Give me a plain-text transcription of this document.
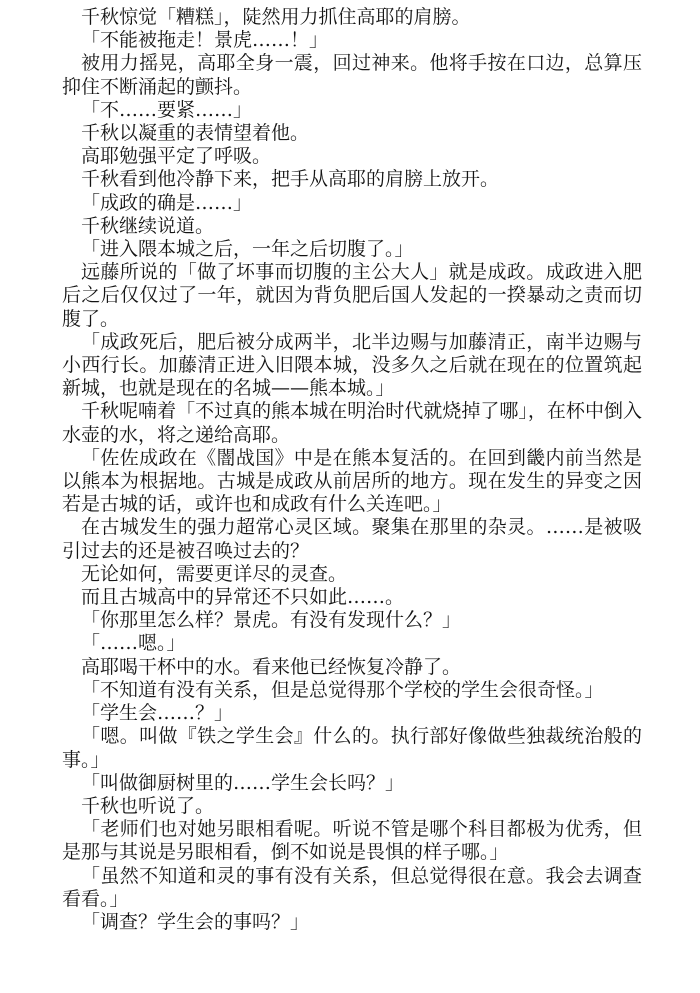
千秋惊觉「糟糕」，陡然用力抓住高耶的肩膀。

「不能被拖走！景虎……！」

被用力摇晃，高耶全身一震，回过神来。他将手按在口边，总算压抑住不断涌起的颤抖。

「不……要紧……」

千秋以凝重的表情望着他。

高耶勉强平定了呼吸。

千秋看到他冷静下来，把手从高耶的肩膀上放开。

「成政的确是……」

千秋继续说道。

「进入隈本城之后，一年之后切腹了。」

远藤所说的「做了坏事而切腹的主公大人」就是成政。成政进入肥后之后仅仅过了一年，就因为背负肥后国人发起的一揆暴动之责而切腹了。

「成政死后，肥后被分成两半，北半边赐与加藤清正，南半边赐与小西行长。加藤清正进入旧隈本城，没多久之后就在现在的位置筑起新城，也就是现在的名城——熊本城。」

千秋呢喃着「不过真的熊本城在明治时代就烧掉了哪」，在杯中倒入水壶的水，将之递给高耶。

「佐佐成政在《闇战国》中是在熊本复活的。在回到畿内前当然是以熊本为根据地。古城是成政从前居所的地方。现在发生的异变之因若是古城的话，或许也和成政有什么关连吧。」

在古城发生的强力超常心灵区域。聚集在那里的杂灵。……是被吸引过去的还是被召唤过去的？

无论如何，需要更详尽的灵查。

而且古城高中的异常还不只如此……。

「你那里怎么样？景虎。有没有发现什么？」

「……嗯。」

高耶喝干杯中的水。看来他已经恢复冷静了。

「不知道有没有关系，但是总觉得那个学校的学生会很奇怪。」

「学生会……？」

「嗯。叫做『铁之学生会』什么的。执行部好像做些独裁统治般的事。」

「叫做御厨树里的……学生会长吗？」

千秋也听说了。

「老师们也对她另眼相看呢。听说不管是哪个科目都极为优秀，但是那与其说是另眼相看，倒不如说是畏惧的样子哪。」

「虽然不知道和灵的事有没有关系，但总觉得很在意。我会去调查看看。」

「调查？学生会的事吗？」
